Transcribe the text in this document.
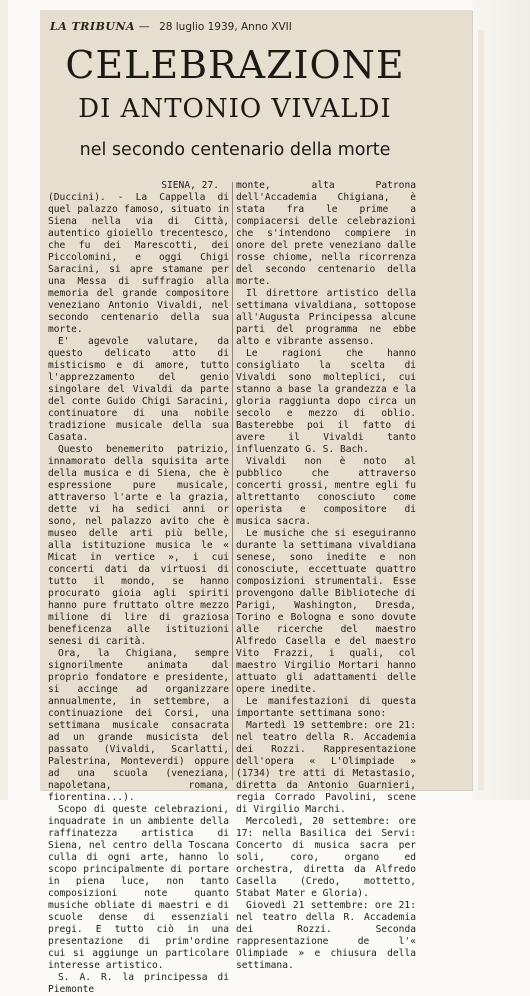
LA TRIBUNA — 28 luglio 1939, Anno XVII
CELEBRAZIONE
DI ANTONIO VIVALDI
nel secondo centenario della morte
SIENA, 27.

(Duccini). - La Cappella di quel palazzo famoso, situato in Siena nella via di Città, autentico gioiello trecentesco, che fu dei Marescotti, dei Piccolomini, e oggi Chigi Saracini, si apre stamane per una Messa di suffragio alla memoria del grande compositore veneziano Antonio Vivaldi, nel secondo centenario della sua morte.

E' agevole valutare, da questo delicato atto di misticismo e di amore, tutto l'apprezzamento del genio singolare del Vivaldi da parte del conte Guido Chigi Saracini, continuatore di una nobile tradizione musicale della sua Casata.

Questo benemerito patrizio, innamorato della squisita arte della musica e di Siena, che è espressione pure musicale, attraverso l'arte e la grazia, dette vi ha sedici anni or sono, nel palazzo avito che è museo delle arti più belle, alla istituzione musica le « Micat in vertice », i cui concerti dati da virtuosi di tutto il mondo, se hanno procurato gioia agli spiriti hanno pure fruttato oltre mezzo milione di lire di graziosa beneficenza alle istituzioni senesi di carità.

Ora, la Chigiana, sempre signorilmente animata dal proprio fondatore e presidente, si accinge ad organizzare annualmente, in settembre, a continuazione dei Corsi, una settimana musicale consacrata ad un grande musicista del passato (Vivaldi, Scarlatti, Palestrina, Monteverdi) oppure ad una scuola (veneziana, napoletana, romana, fiorentina...).

Scopo di queste celebrazioni, inquadrate in un ambiente della raffinatezza artistica di Siena, nel centro della Toscana culla di ogni arte, hanno lo scopo principalmente di portare in piena luce, non tanto composizioni note quanto musiche obliate di maestri e di scuole dense di essenziali pregi. E tutto ciò in una presentazione di prim'ordine cui si aggiunge un particolare interesse artistico.

S. A. R. la principessa di Piemonte

monte, alta Patrona dell'Accademia Chigiana, è stata fra le prime a compiacersi delle celebrazioni che s'intendono compiere in onore del prete veneziano dalle rosse chiome, nella ricorrenza del secondo centenario della morte.

Il direttore artistico della settimana vivaldiana, sottopose all'Augusta Principessa alcune parti del programma ne ebbe alto e vibrante assenso.

Le ragioni che hanno consigliato la scelta di Vivaldi sono molteplici, cui stanno a base la grandezza e la gloria raggiunta dopo circa un secolo e mezzo di oblio. Basterebbe poi il fatto di avere il Vivaldi tanto influenzato G. S. Bach.

Vivaldi non è noto al pubblico che attraverso concerti grossi, mentre egli fu altrettanto conosciuto come operista e compositore di musica sacra.

Le musiche che si eseguiranno durante la settimana vivaldiana senese, sono inedite e non conosciute, eccettuate quattro composizioni strumentali. Esse provengono dalle Biblioteche di Parigi, Washington, Dresda, Torino e Bologna e sono dovute alle ricerche del maestro Alfredo Casella e del maestro Vito Frazzi, i quali, col maestro Virgilio Mortari hanno attuato gli adattamenti delle opere inedite.

Le manifestazioni di questa importante settimana sono:

Martedì 19 settembre: ore 21: nel teatro della R. Accademia dei Rozzi. Rappresentazione dell'opera « L'Olimpiade » (1734) tre atti di Metastasio, diretta da Antonio Guarnieri, regia Corrado Pavolini, scene di Virgilio Marchi.

Mercoledì, 20 settembre: ore 17: nella Basilica dei Servi: Concerto di musica sacra per soli, coro, organo ed orchestra, diretta da Alfredo Casella (Credo, mottetto, Stabat Mater e Gloria).

Giovedì 21 settembre: ore 21: nel teatro della R. Accademia dei Rozzi. Seconda rappresentazione de l'« Olimpiade » e chiusura della settimana.
